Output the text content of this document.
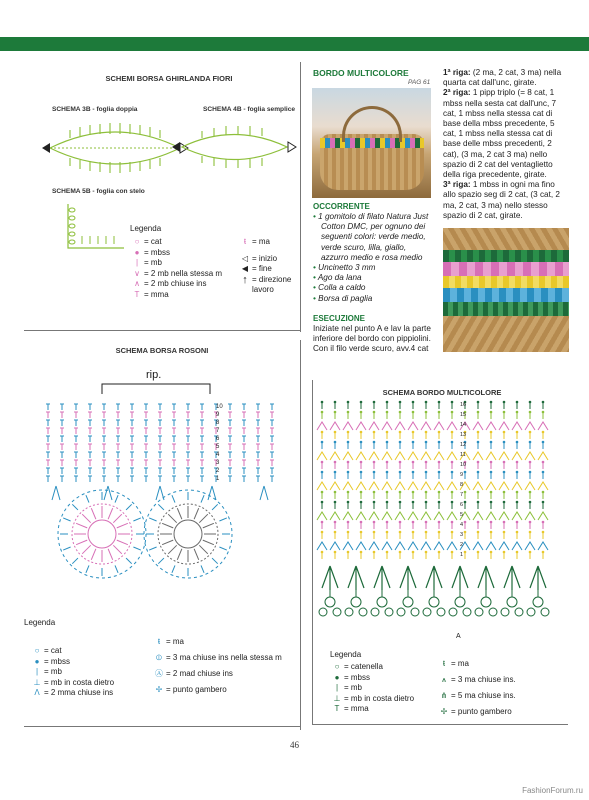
SCHEMI BORSA GHIRLANDA FIORI
SCHEMA 3B - foglia doppia	SCHEMA 4B - foglia semplice
SCHEMA 5B - foglia con stelo
Legenda
○ = cat
● = mbss
| = mb
∨ = 2 mb nella stessa m
∧ = 2 mb chiuse ins
T = mma
ŧ = ma
◁ = inizio
◀ = fine
↑ = direzione lavoro
SCHEMA BORSA ROSONI
rip.
10
9
8
7
6
5
4
3
2
1
Legenda
○ = cat
● = mbss
| = mb
⊥ = mb in costa dietro
Λ = 2 mma chiuse ins
ŧ = ma
⦶ = 3 ma chiuse ins nella stessa m
Ⓐ = 2 mad chiuse ins
✢ = punto gambero
BORDO MULTICOLORE
PAG 61
OCCORRENTE
• 1 gomitolo di filato Natura Just Cotton DMC, per ognuno dei seguenti colori: verde medio, verde scuro, lilla, giallo, azzurro medio e rosa medio
• Uncinetto 3 mm
• Ago da lana
• Colla a caldo
• Borsa di paglia
ESECUZIONE
Iniziate nel punto A e lav la parte inferiore del bordo con pippiolini. Con il filo verde scuro, avv.4 cat
1ª riga: (2 ma, 2 cat, 3 ma) nella quarta cat dall'unc, girate.
2ª riga: 1 pipp triplo (= 8 cat, 1 mbss nella sesta cat dall'unc, 7 cat, 1 mbss nella stessa cat di base della mbss precedente, 5 cat, 1 mbss nella stessa cat di base delle mbss precedenti, 2 cat), (3 ma, 2 cat 3 ma) nello spazio di 2 cat del ventaglietto della riga precedente, girate.
3ª riga: 1 mbss in ogni ma fino allo spazio seg di 2 cat, (3 cat, 2 ma, 2 cat, 3 ma) nello stesso spazio di 2 cat, girate.
SCHEMA BORDO MULTICOLORE
16
15
14
13
12
11
10
9
8
7
6
5
4
3
2
1
A
Legenda
○ = catenella
● = mbss
| = mb
⊥ = mb in costa dietro
T = mma
ŧ = ma
⩚ = 3 ma chiuse ins.
⋔ = 5 ma chiuse ins.
✢ = punto gambero
46
FashionForum.ru
